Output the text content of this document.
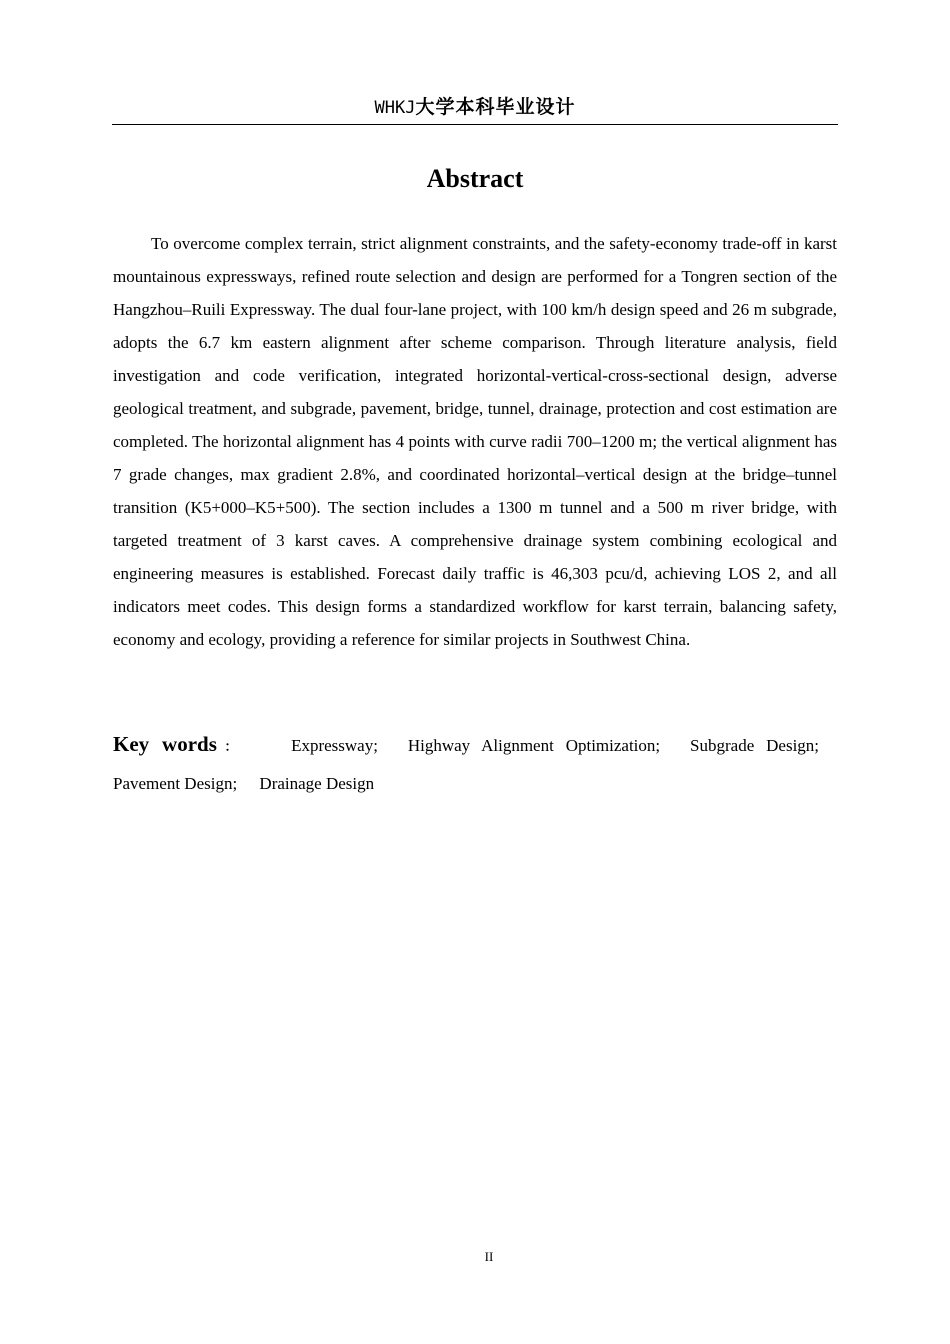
WHKJ大学本科毕业设计
Abstract

To overcome complex terrain, strict alignment constraints, and the safety-economy trade-off in karst mountainous expressways, refined route selection and design are performed for a Tongren section of the Hangzhou–Ruili Expressway. The dual four-lane project, with 100 km/h design speed and 26 m subgrade, adopts the 6.7 km eastern alignment after scheme comparison. Through literature analysis, field investigation and code verification, integrated horizontal-vertical-cross-sectional design, adverse geological treatment, and subgrade, pavement, bridge, tunnel, drainage, protection and cost estimation are completed. The horizontal alignment has 4 points with curve radii 700–1200 m; the vertical alignment has 7 grade changes, max gradient 2.8%, and coordinated horizontal–vertical design at the bridge–tunnel transition (K5+000–K5+500). The section includes a 1300 m tunnel and a 500 m river bridge, with targeted treatment of 3 karst caves. A comprehensive drainage system combining ecological and engineering measures is established. Forecast daily traffic is 46,303 pcu/d, achieving LOS 2, and all indicators meet codes. This design forms a standardized workflow for karst terrain, balancing safety, economy and ecology, providing a reference for similar projects in Southwest China.

Key words：	Expressway; Highway Alignment Optimization; Subgrade Design; Pavement Design; Drainage Design

II
